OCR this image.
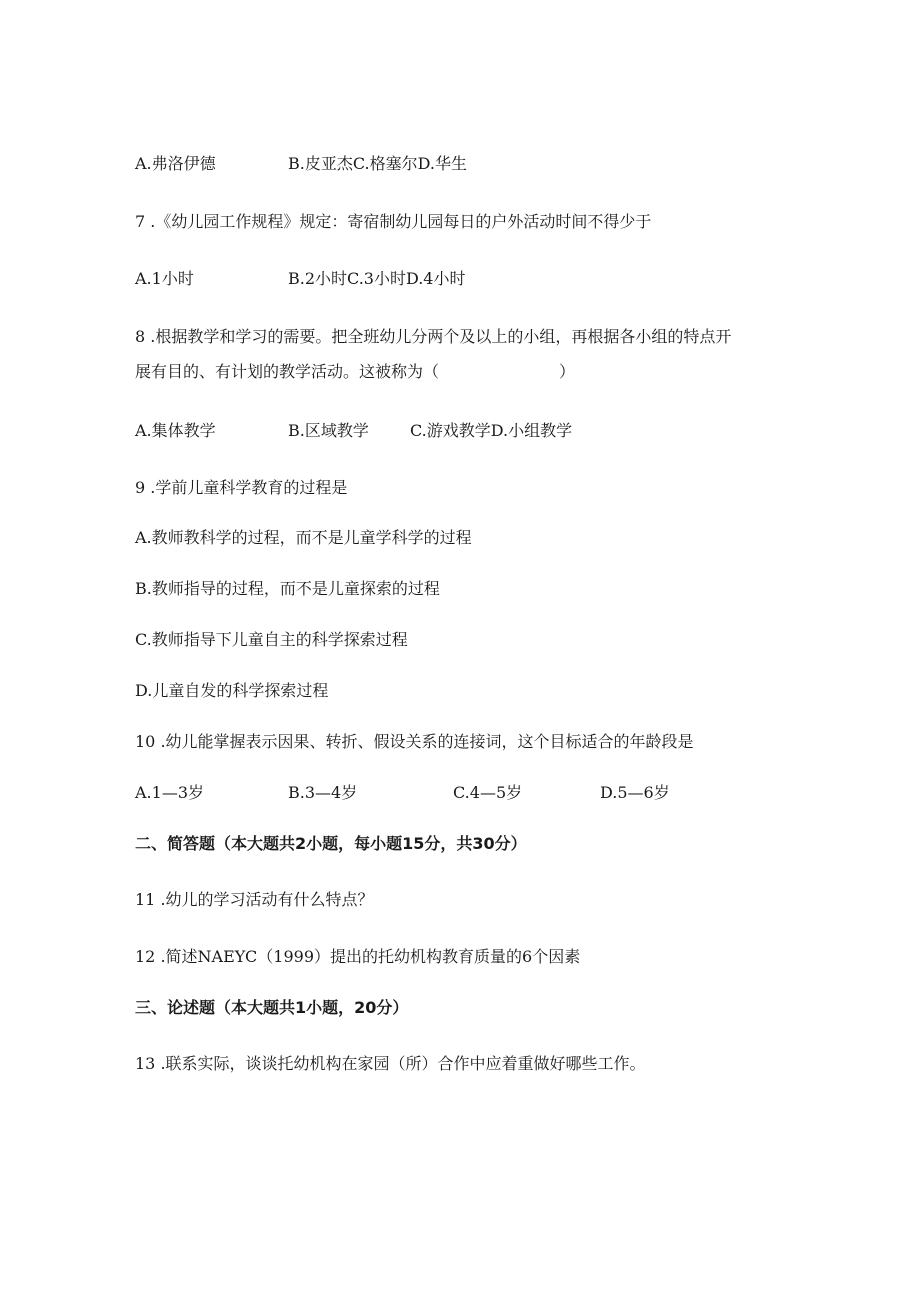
A.弗洛伊德	B.皮亚杰C.格塞尔D.华生
7 .《幼儿园工作规程》规定：寄宿制幼儿园每日的户外活动时间不得少于
A.1小时	B.2小时C.3小时D.4小时
8 .根据教学和学习的需要。把全班幼儿分两个及以上的小组，再根据各小组的特点开
展有目的、有计划的教学活动。这被称为（	）
A.集体教学	B.区域教学	C.游戏教学D.小组教学
9 .学前儿童科学教育的过程是
A.教师教科学的过程，而不是儿童学科学的过程
B.教师指导的过程，而不是儿童探索的过程
C.教师指导下儿童自主的科学探索过程
D.儿童自发的科学探索过程
10 .幼儿能掌握表示因果、转折、假设关系的连接词，这个目标适合的年龄段是
A.1—3岁	B.3—4岁	C.4—5岁	D.5—6岁
二、简答题（本大题共2小题，每小题15分，共30分）
11 .幼儿的学习活动有什么特点？
12 .简述NAEYC（1999）提出的托幼机构教育质量的6个因素
三、论述题（本大题共1小题，20分）
13 .联系实际，谈谈托幼机构在家园（所）合作中应着重做好哪些工作。
